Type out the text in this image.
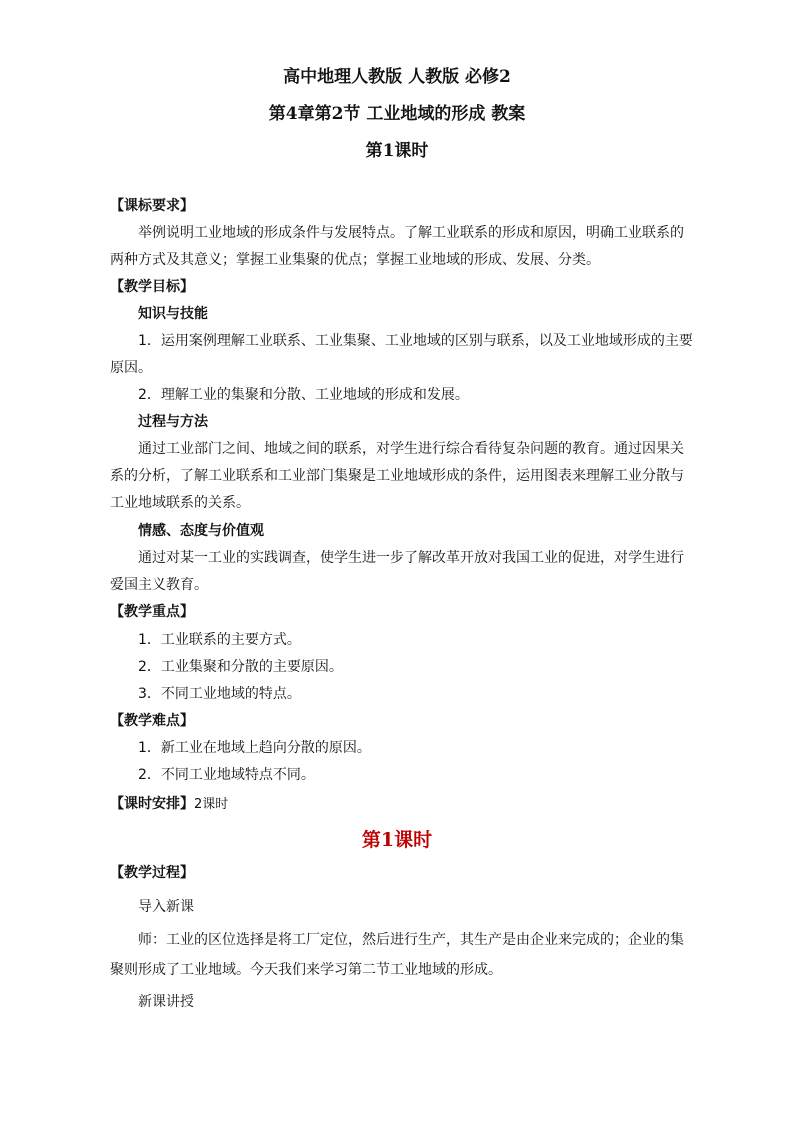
高中地理人教版 人教版 必修2

第4章第2节 工业地域的形成 教案

第1课时

【课标要求】

举例说明工业地域的形成条件与发展特点。了解工业联系的形成和原因，明确工业联系的

两种方式及其意义；掌握工业集聚的优点；掌握工业地域的形成、发展、分类。

【教学目标】

知识与技能

1．运用案例理解工业联系、工业集聚、工业地域的区别与联系，以及工业地域形成的主要

原因。

2．理解工业的集聚和分散、工业地域的形成和发展。

过程与方法

通过工业部门之间、地域之间的联系，对学生进行综合看待复杂问题的教育。通过因果关

系的分析，了解工业联系和工业部门集聚是工业地域形成的条件，运用图表来理解工业分散与

工业地域联系的关系。

情感、态度与价值观

通过对某一工业的实践调查，使学生进一步了解改革开放对我国工业的促进，对学生进行

爱国主义教育。

【教学重点】

1．工业联系的主要方式。

2．工业集聚和分散的主要原因。

3．不同工业地域的特点。

【教学难点】

1．新工业在地域上趋向分散的原因。

2．不同工业地域特点不同。

【课时安排】2课时

第1课时

【教学过程】

导入新课

师：工业的区位选择是将工厂定位，然后进行生产，其生产是由企业来完成的；企业的集

聚则形成了工业地域。今天我们来学习第二节工业地域的形成。

新课讲授
